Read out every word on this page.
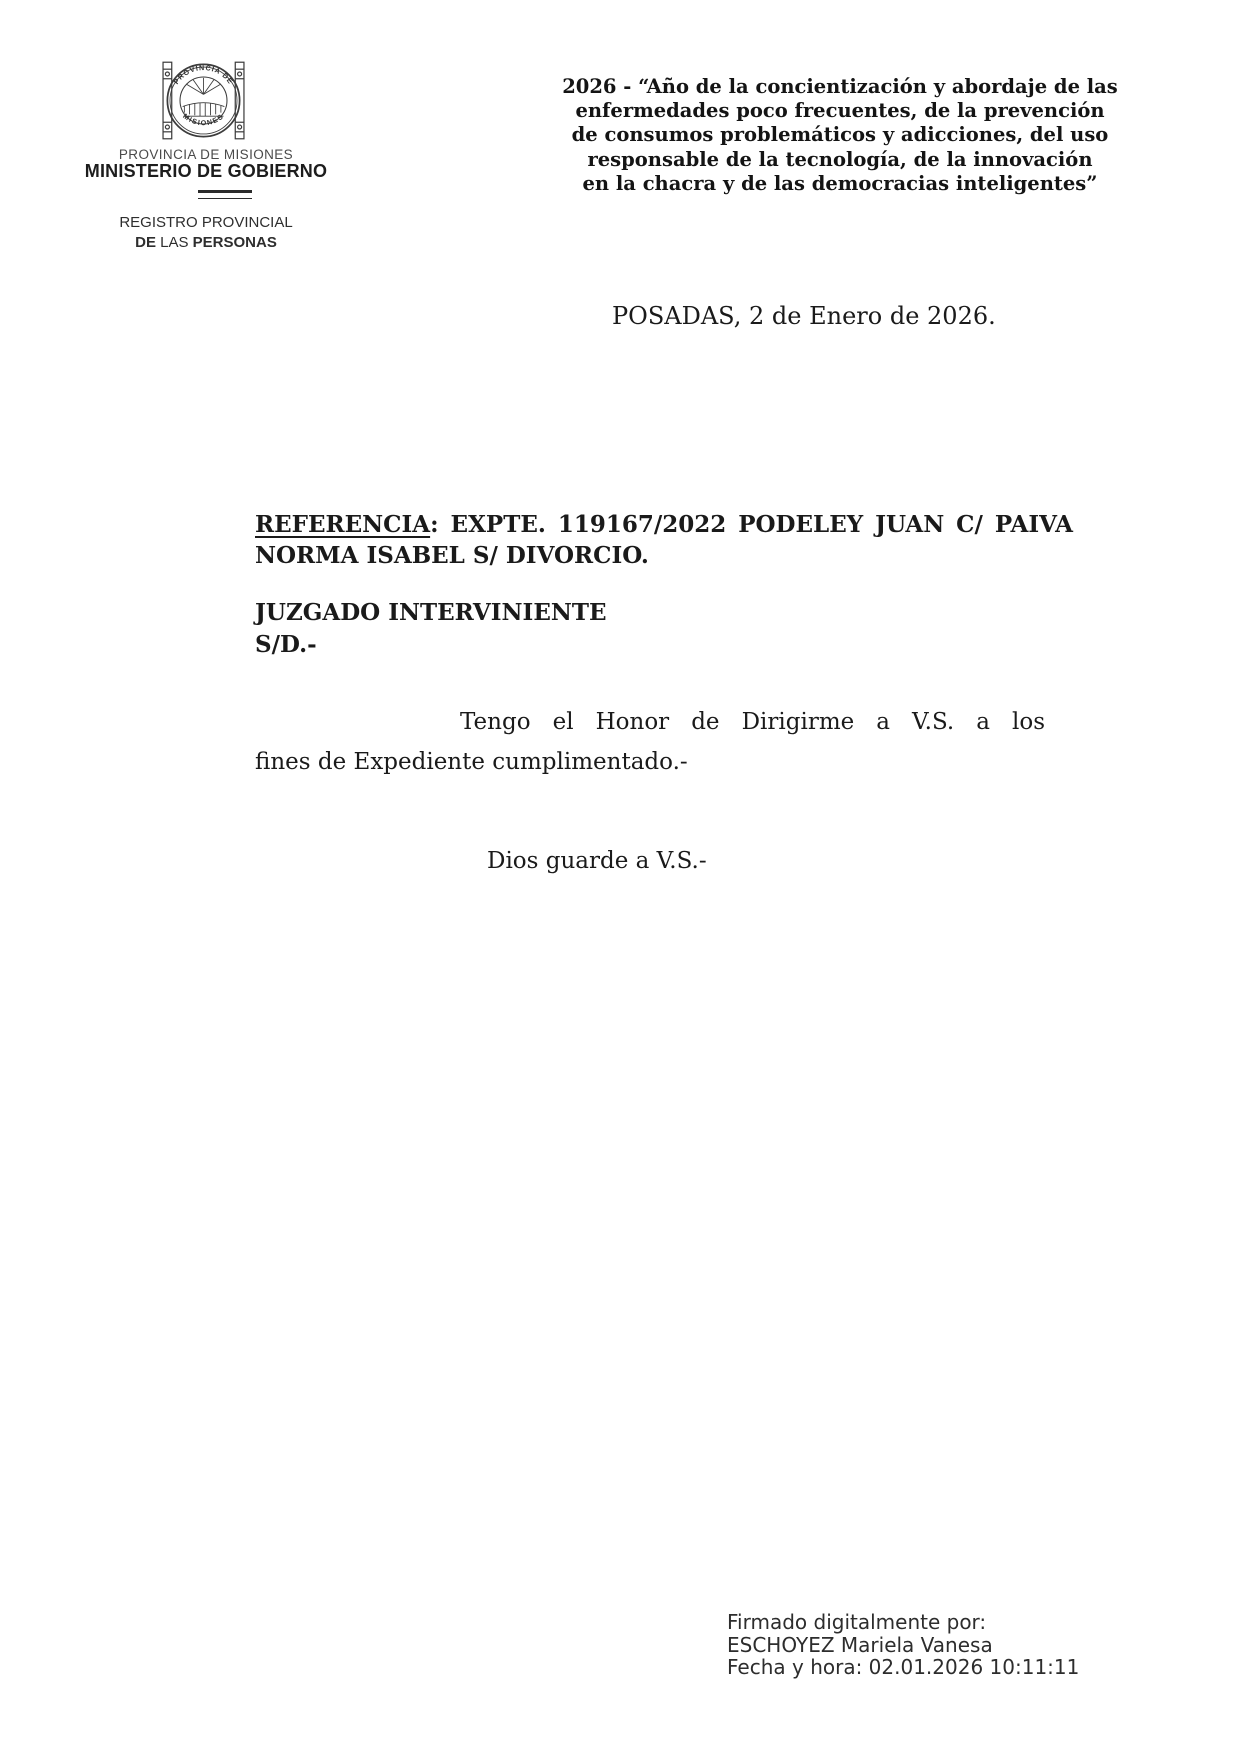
PROVINCIA DE
MISIONES
PROVINCIA DE MISIONES
MINISTERIO DE GOBIERNO
REGISTRO PROVINCIAL
DE LAS PERSONAS
2026 - “Año de la concientización y abordaje de las
enfermedades poco frecuentes, de la prevención
de consumos problemáticos y adicciones, del uso
responsable de la tecnología, de la innovación
en la chacra y de las democracias inteligentes”
POSADAS, 2 de Enero de 2026.
REFERENCIA: EXPTE. 119167/2022 PODELEY JUAN C/ PAIVA
NORMA ISABEL S/ DIVORCIO.
JUZGADO INTERVINIENTE
S/D.-
Tengo el Honor de Dirigirme a V.S. a los
fines de Expediente cumplimentado.-
Dios guarde a V.S.-
Firmado digitalmente por:
ESCHOYEZ Mariela Vanesa
Fecha y hora: 02.01.2026 10:11:11
